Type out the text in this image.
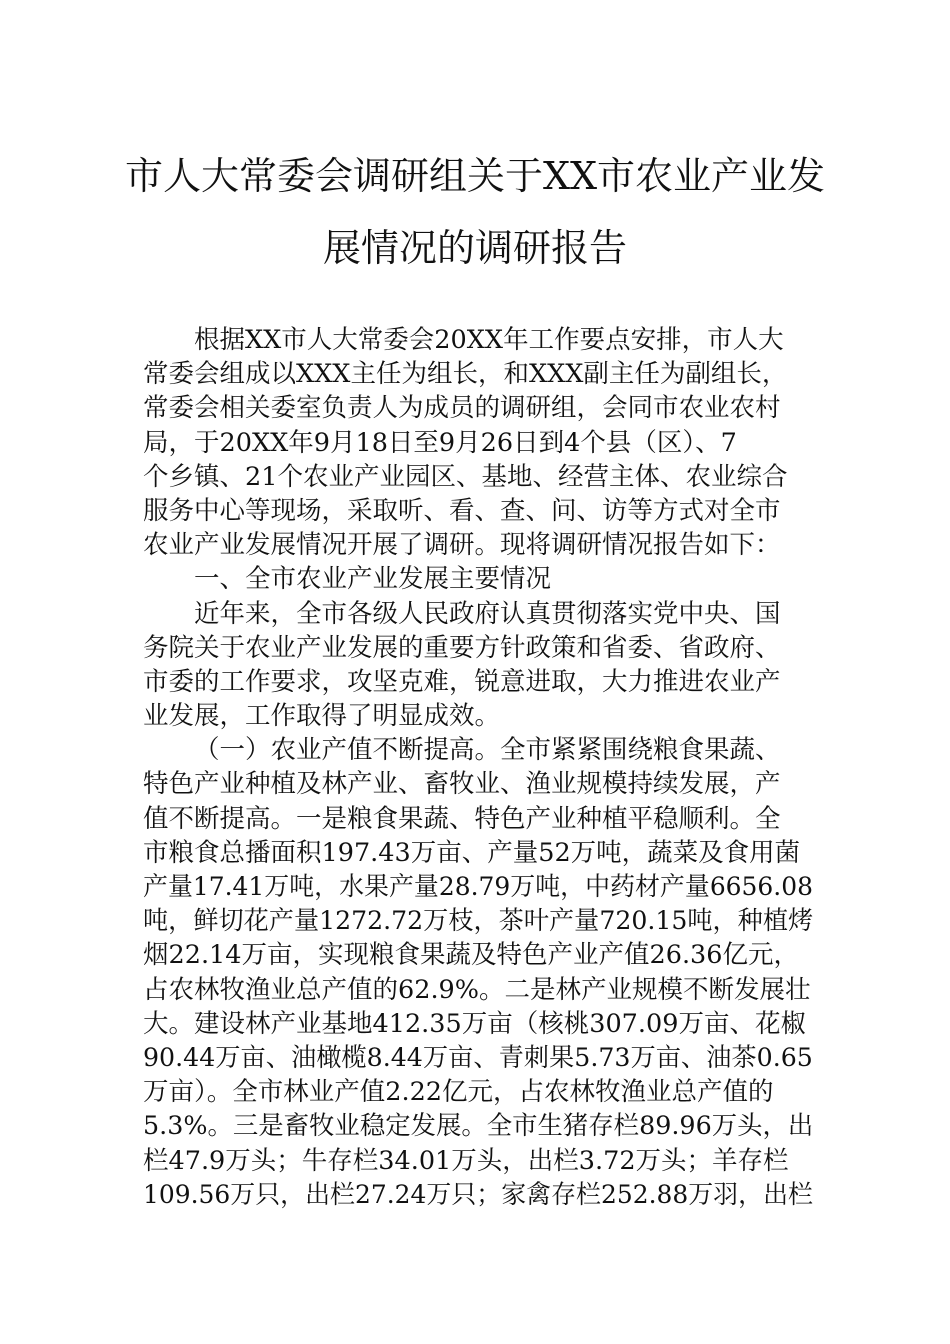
市人大常委会调研组关于XX市农业产业发
展情况的调研报告
根据XX市人大常委会20XX年工作要点安排，市人大
常委会组成以XXX主任为组长，和XXX副主任为副组长，
常委会相关委室负责人为成员的调研组，会同市农业农村
局，于20XX年9月18日至9月26日到4个县（区）、7
个乡镇、21个农业产业园区、基地、经营主体、农业综合
服务中心等现场，采取听、看、查、问、访等方式对全市
农业产业发展情况开展了调研。现将调研情况报告如下：
一、全市农业产业发展主要情况
近年来，全市各级人民政府认真贯彻落实党中央、国
务院关于农业产业发展的重要方针政策和省委、省政府、
市委的工作要求，攻坚克难，锐意进取，大力推进农业产
业发展，工作取得了明显成效。
（一）农业产值不断提高。全市紧紧围绕粮食果蔬、
特色产业种植及林产业、畜牧业、渔业规模持续发展，产
值不断提高。一是粮食果蔬、特色产业种植平稳顺利。全
市粮食总播面积197.43万亩、产量52万吨，蔬菜及食用菌
产量17.41万吨，水果产量28.79万吨，中药材产量6656.08
吨，鲜切花产量1272.72万枝，茶叶产量720.15吨，种植烤
烟22.14万亩，实现粮食果蔬及特色产业产值26.36亿元，
占农林牧渔业总产值的62.9%。二是林产业规模不断发展壮
大。建设林产业基地412.35万亩（核桃307.09万亩、花椒
90.44万亩、油橄榄8.44万亩、青刺果5.73万亩、油茶0.65
万亩）。全市林业产值2.22亿元，占农林牧渔业总产值的
5.3%。三是畜牧业稳定发展。全市生猪存栏89.96万头，出
栏47.9万头；牛存栏34.01万头，出栏3.72万头；羊存栏
109.56万只，出栏27.24万只；家禽存栏252.88万羽，出栏
